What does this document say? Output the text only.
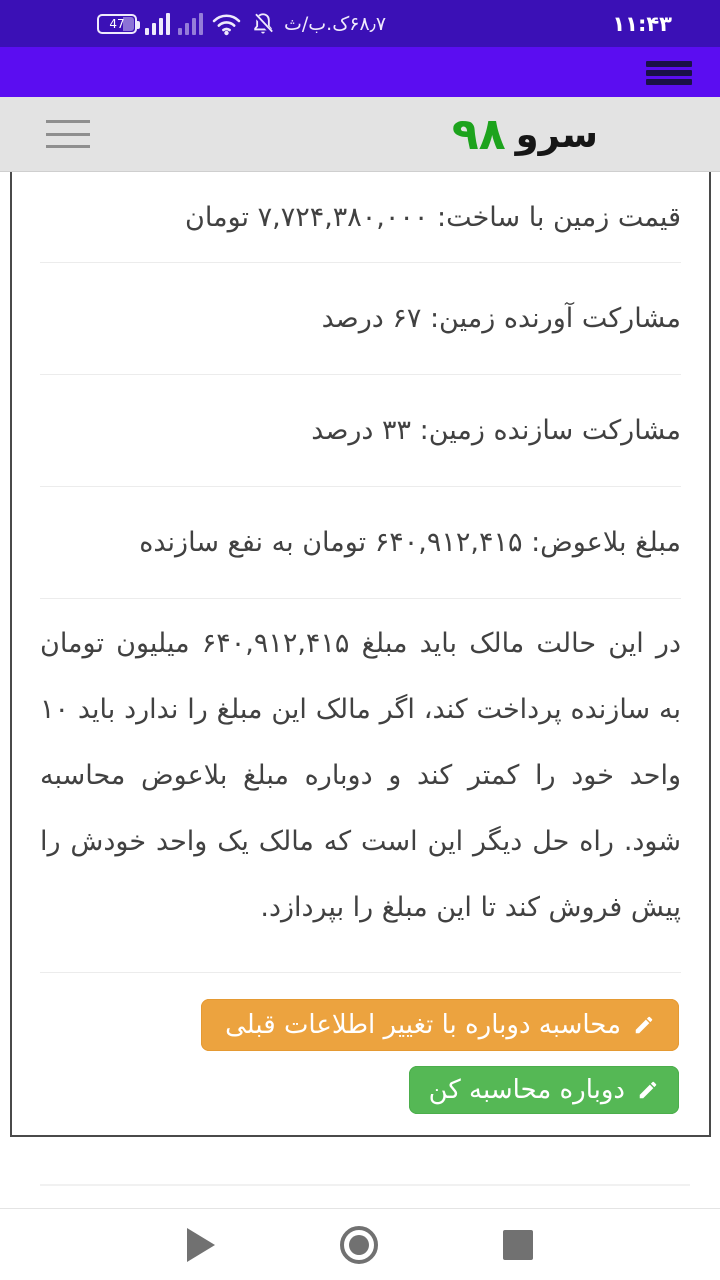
47	۶۸٫۷ک.ب/ث	۱۱:۴۳
سرو
۹۸
قیمت زمین با ساخت: ۷,۷۲۴,۳۸۰,۰۰۰ تومان
مشارکت آورنده زمین: ۶۷ درصد
مشارکت سازنده زمین: ۳۳ درصد
مبلغ بلاعوض: ۶۴۰,۹۱۲,۴۱۵ تومان به نفع سازنده
در این حالت مالک باید مبلغ ۶۴۰,۹۱۲,۴۱۵ میلیون تومان به سازنده پرداخت کند، اگر مالک این مبلغ را ندارد باید ۱۰ واحد خود را کمتر کند و دوباره مبلغ بلاعوض محاسبه شود. راه حل دیگر این است که مالک یک واحد خودش را پیش فروش کند تا این مبلغ را بپردازد.
محاسبه دوباره با تغییر اطلاعات قبلی
دوباره محاسبه کن
